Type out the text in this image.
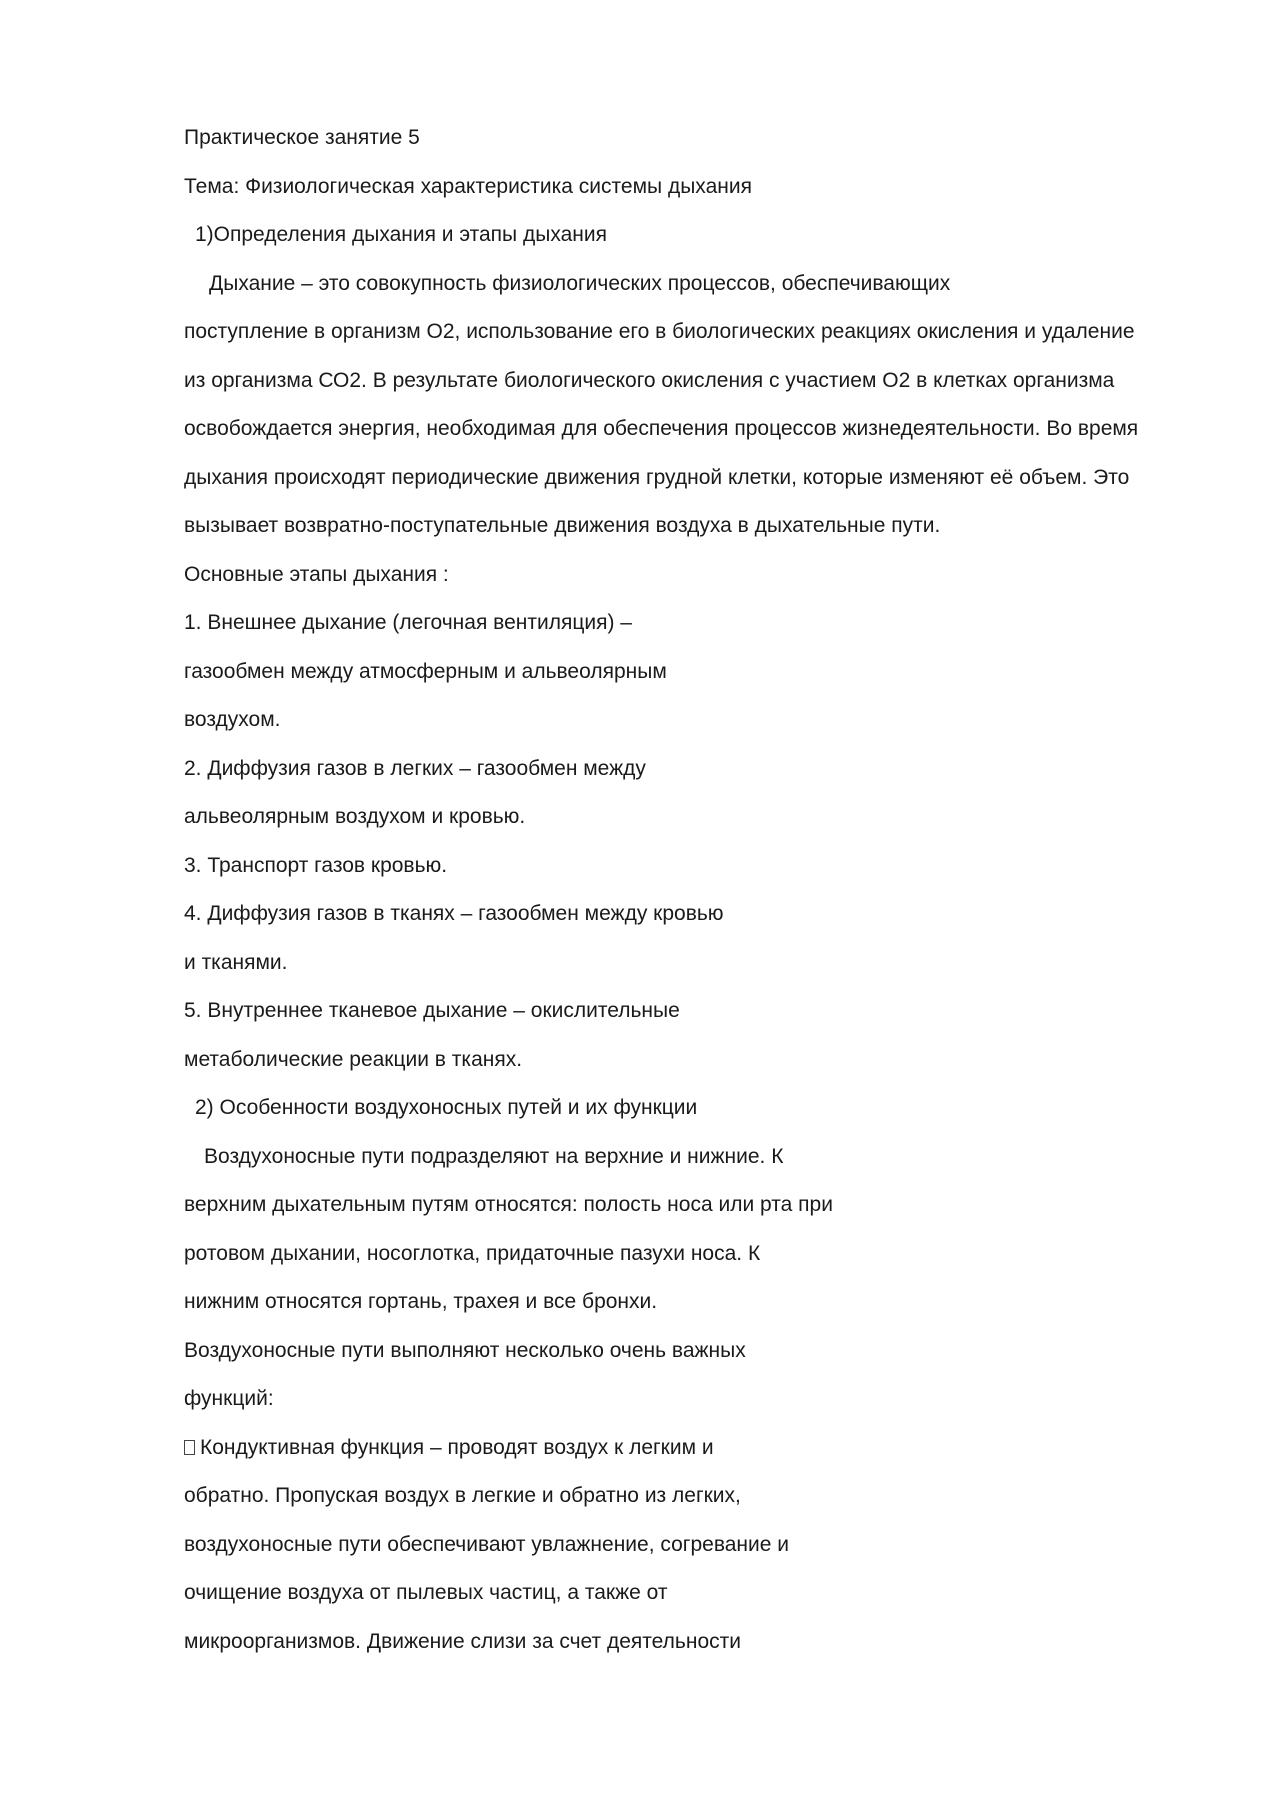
Практическое занятие 5
Тема: Физиологическая характеристика системы дыхания
1)Определения дыхания и этапы дыхания
Дыхание – это совокупность физиологических процессов, обеспечивающих
поступление в организм О2, использование его в биологических реакциях окисления и удаление
из организма СО2. В результате биологического окисления с участием О2 в клетках организма
освобождается энергия, необходимая для обеспечения процессов жизнедеятельности. Во время
дыхания происходят периодические движения грудной клетки, которые изменяют её объем. Это
вызывает возвратно-поступательные движения воздуха в дыхательные пути.
Основные этапы дыхания :
1. Внешнее дыхание (легочная вентиляция) –
газообмен между атмосферным и альвеолярным
воздухом.
2. Диффузия газов в легких – газообмен между
альвеолярным воздухом и кровью.
3. Транспорт газов кровью.
4. Диффузия газов в тканях – газообмен между кровью
и тканями.
5. Внутреннее тканевое дыхание – окислительные
метаболические реакции в тканях.
2) Особенности воздухоносных путей и их функции
Воздухоносные пути подразделяют на верхние и нижние. К
верхним дыхательным путям относятся: полость носа или рта при
ротовом дыхании, носоглотка, придаточные пазухи носа. К
нижним относятся гортань, трахея и все бронхи.
Воздухоносные пути выполняют несколько очень важных
функций:
Кондуктивная функция – проводят воздух к легким и
обратно. Пропуская воздух в легкие и обратно из легких,
воздухоносные пути обеспечивают увлажнение, согревание и
очищение воздуха от пылевых частиц, а также от
микроорганизмов. Движение слизи за счет деятельности
